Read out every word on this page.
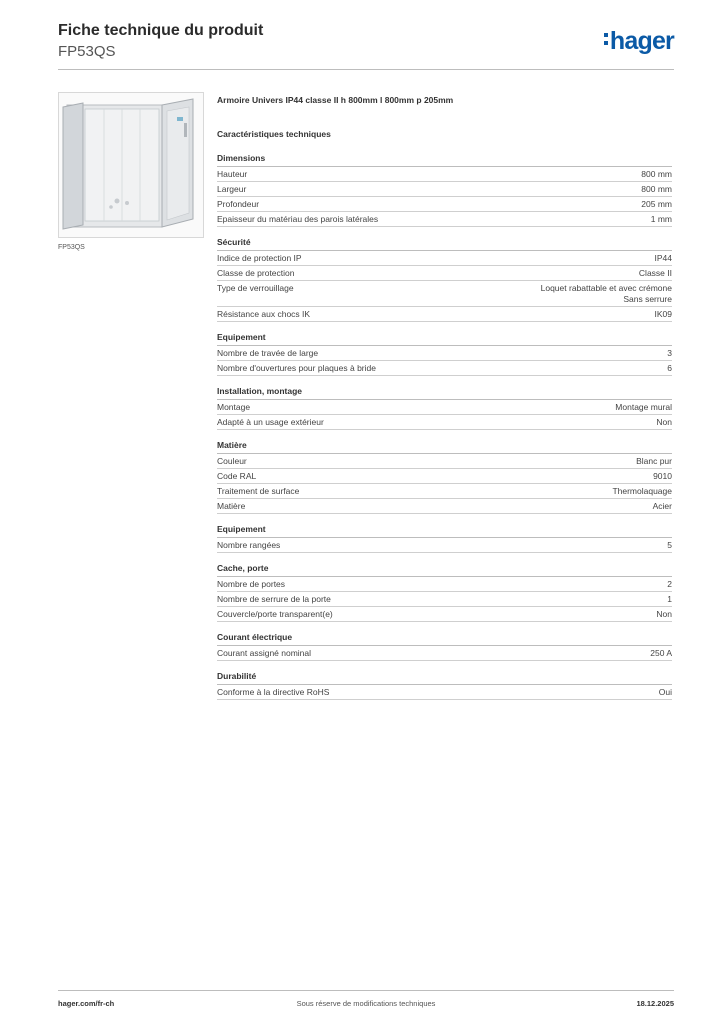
Fiche technique du produit
FP53QS	hager
FP53QS
Armoire Univers IP44 classe II h 800mm l 800mm p 205mm
Caractéristiques techniques
Dimensions
Hauteur	800 mm
Largeur	800 mm
Profondeur	205 mm
Epaisseur du matériau des parois latérales	1 mm
Sécurité
Indice de protection IP	IP44
Classe de protection	Classe II
Type de verrouillage	Loquet rabattable et avec crémone
Sans serrure
Résistance aux chocs IK	IK09
Equipement
Nombre de travée de large	3
Nombre d'ouvertures pour plaques à bride	6
Installation, montage
Montage	Montage mural
Adapté à un usage extérieur	Non
Matière
Couleur	Blanc pur
Code RAL	9010
Traitement de surface	Thermolaquage
Matière	Acier
Equipement
Nombre rangées	5
Cache, porte
Nombre de portes	2
Nombre de serrure de la porte	1
Couvercle/porte transparent(e)	Non
Courant électrique
Courant assigné nominal	250 A
Durabilité
Conforme à la directive RoHS	Oui
hager.com/fr-ch	Sous réserve de modifications techniques	18.12.2025
